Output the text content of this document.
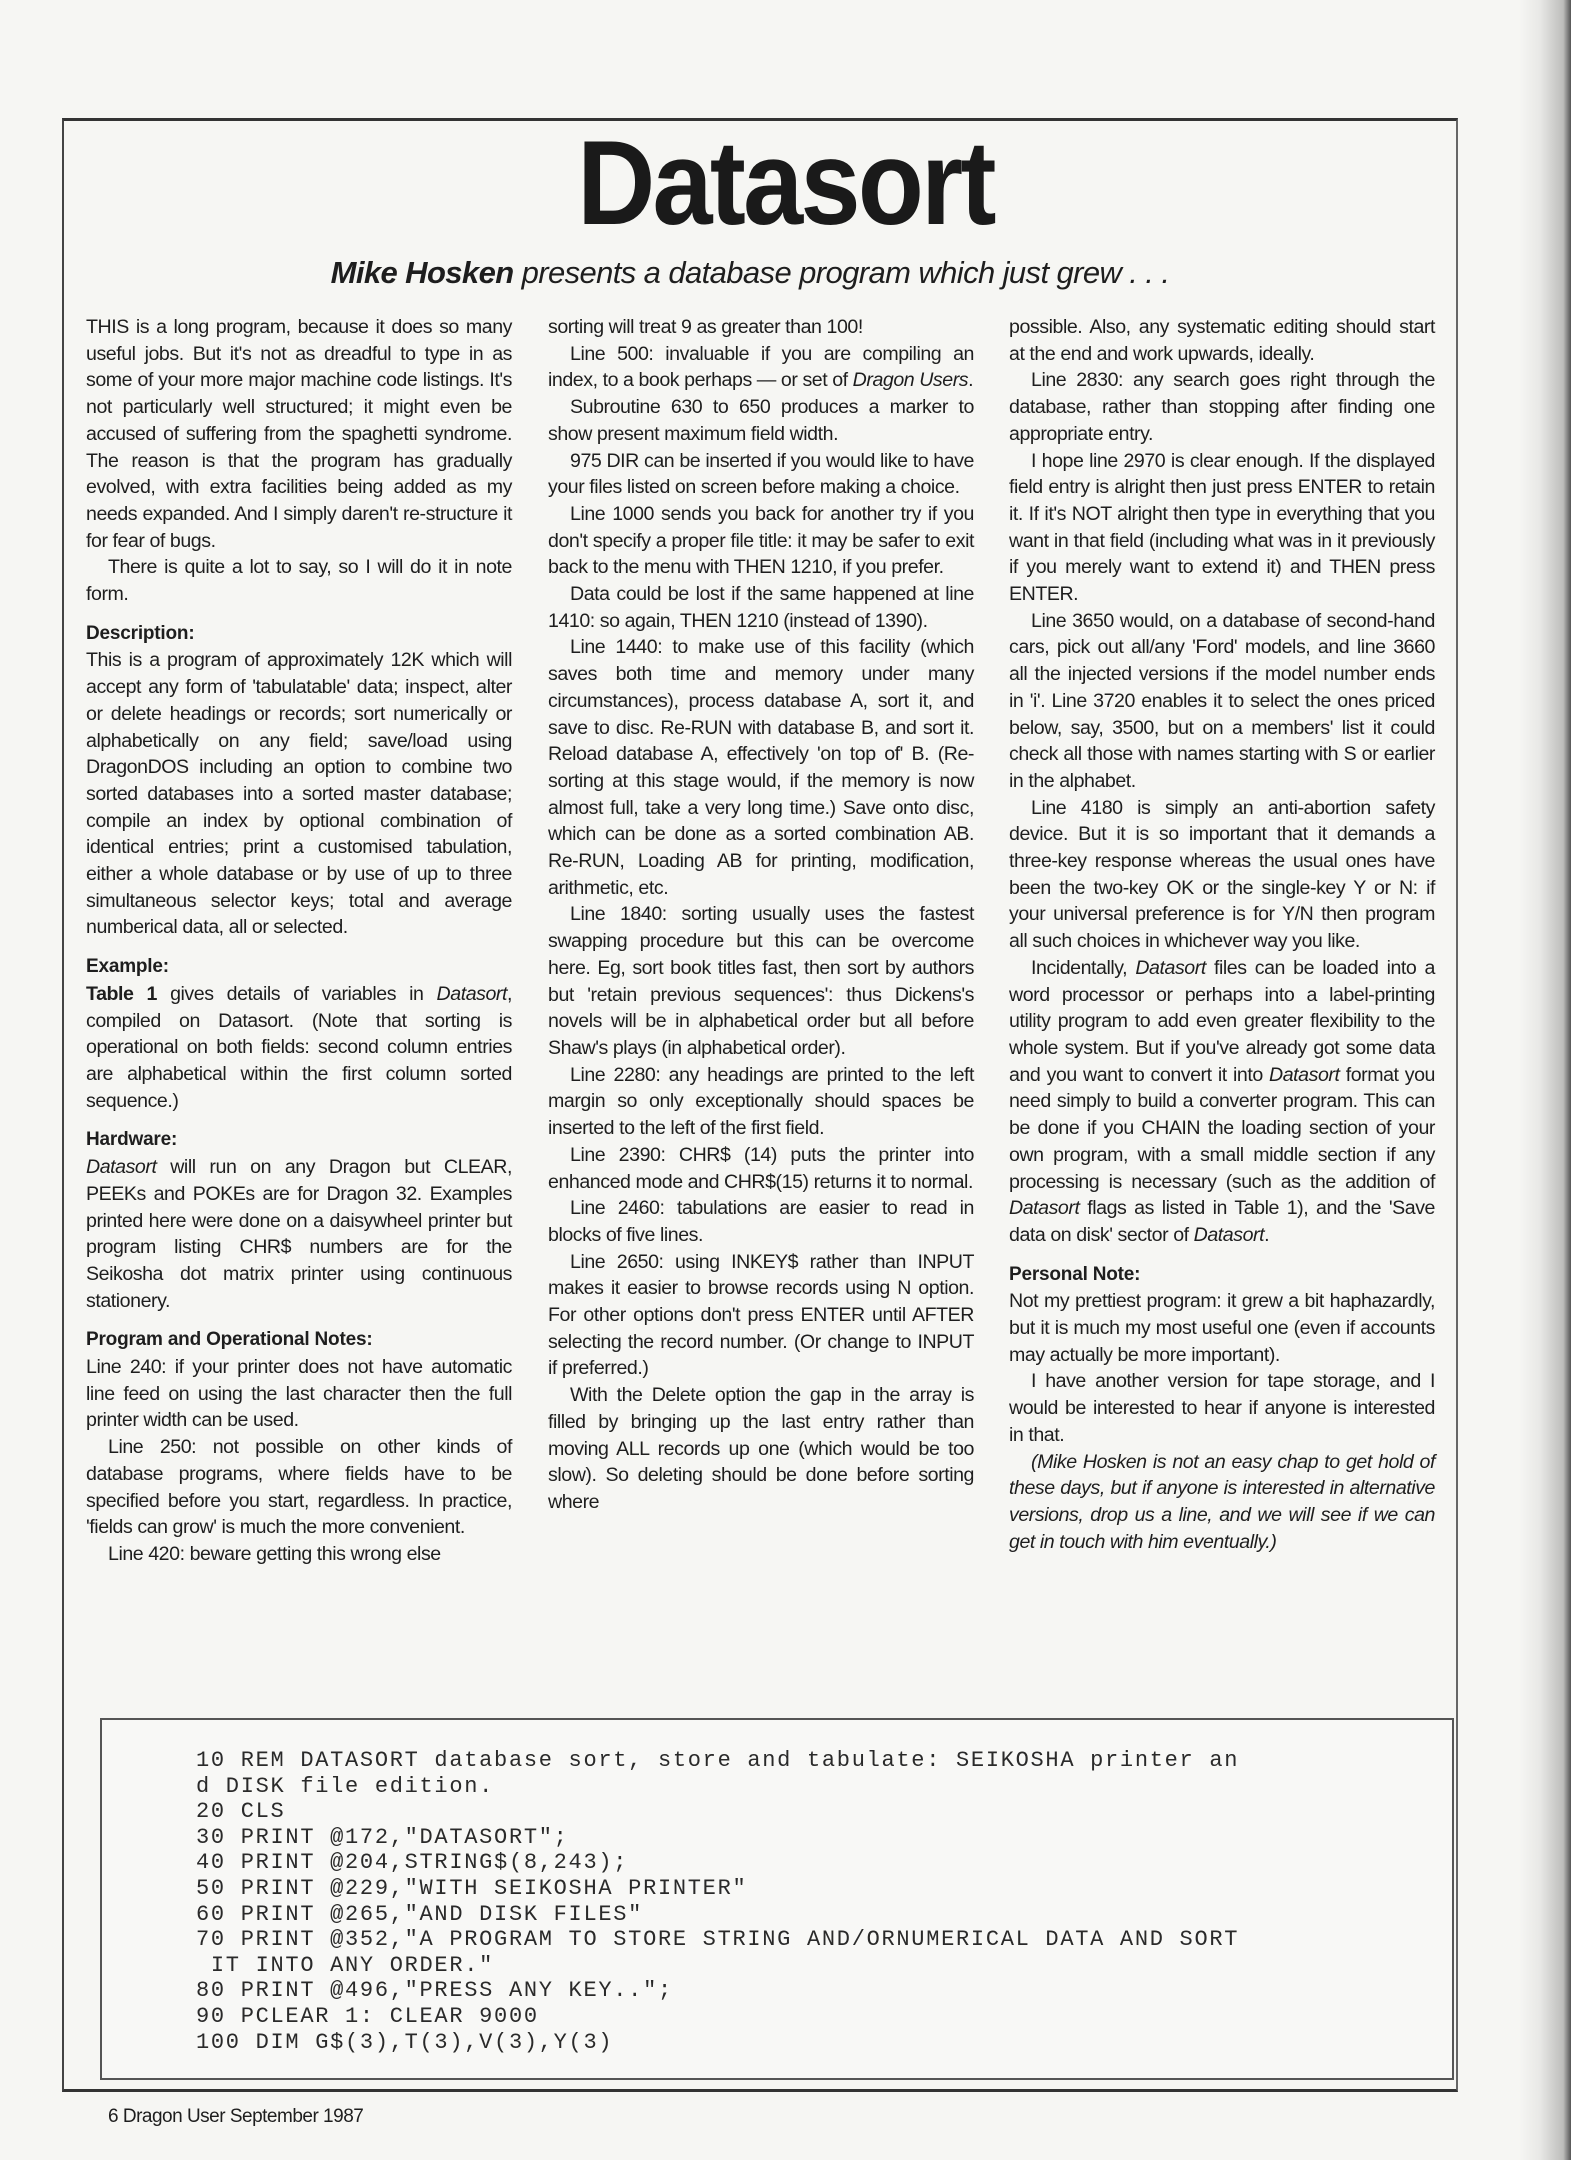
Datasort
Mike Hosken presents a database program which just grew . . .

THIS is a long program, because it does so many useful jobs. But it's not as dreadful to type in as some of your more major machine code listings. It's not particularly well structured; it might even be accused of suffering from the spaghetti syndrome. The reason is that the program has gradually evolved, with extra facilities being added as my needs expanded. And I simply daren't re-structure it for fear of bugs.

There is quite a lot to say, so I will do it in note form.

Description:

This is a program of approximately 12K which will accept any form of 'tabulatable' data; inspect, alter or delete headings or records; sort numerically or alphabetically on any field; save/load using DragonDOS including an option to combine two sorted databases into a sorted master database; compile an index by optional combination of identical entries; print a customised tabulation, either a whole database or by use of up to three simultaneous selector keys; total and average numberical data, all or selected.

Example:

Table 1 gives details of variables in Datasort, compiled on Datasort. (Note that sorting is operational on both fields: second column entries are alphabetical within the first column sorted sequence.)

Hardware:

Datasort will run on any Dragon but CLEAR, PEEKs and POKEs are for Dragon 32. Examples printed here were done on a daisywheel printer but program listing CHR$ numbers are for the Seikosha dot matrix printer using continuous stationery.

Program and Operational Notes:

Line 240: if your printer does not have automatic line feed on using the last character then the full printer width can be used.

Line 250: not possible on other kinds of database programs, where fields have to be specified before you start, regardless. In practice, 'fields can grow' is much the more convenient.

Line 420: beware getting this wrong else

sorting will treat 9 as greater than 100!

Line 500: invaluable if you are compiling an index, to a book perhaps — or set of Dragon Users.

Subroutine 630 to 650 produces a marker to show present maximum field width.

975 DIR can be inserted if you would like to have your files listed on screen before making a choice.

Line 1000 sends you back for another try if you don't specify a proper file title: it may be safer to exit back to the menu with THEN 1210, if you prefer.

Data could be lost if the same happened at line 1410: so again, THEN 1210 (instead of 1390).

Line 1440: to make use of this facility (which saves both time and memory under many circumstances), process database A, sort it, and save to disc. Re-RUN with database B, and sort it. Reload database A, effectively 'on top of' B. (Re-sorting at this stage would, if the memory is now almost full, take a very long time.) Save onto disc, which can be done as a sorted combination AB. Re-RUN, Loading AB for printing, modification, arithmetic, etc.

Line 1840: sorting usually uses the fastest swapping procedure but this can be overcome here. Eg, sort book titles fast, then sort by authors but 'retain previous sequences': thus Dickens's novels will be in alphabetical order but all before Shaw's plays (in alphabetical order).

Line 2280: any headings are printed to the left margin so only exceptionally should spaces be inserted to the left of the first field.

Line 2390: CHR$ (14) puts the printer into enhanced mode and CHR$(15) returns it to normal.

Line 2460: tabulations are easier to read in blocks of five lines.

Line 2650: using INKEY$ rather than INPUT makes it easier to browse records using N option. For other options don't press ENTER until AFTER selecting the record number. (Or change to INPUT if preferred.)

With the Delete option the gap in the array is filled by bringing up the last entry rather than moving ALL records up one (which would be too slow). So deleting should be done before sorting where

possible. Also, any systematic editing should start at the end and work upwards, ideally.

Line 2830: any search goes right through the database, rather than stopping after finding one appropriate entry.

I hope line 2970 is clear enough. If the displayed field entry is alright then just press ENTER to retain it. If it's NOT alright then type in everything that you want in that field (including what was in it previously if you merely want to extend it) and THEN press ENTER.

Line 3650 would, on a database of second-hand cars, pick out all/any 'Ford' models, and line 3660 all the injected versions if the model number ends in 'i'. Line 3720 enables it to select the ones priced below, say, 3500, but on a members' list it could check all those with names starting with S or earlier in the alphabet.

Line 4180 is simply an anti-abortion safety device. But it is so important that it demands a three-key response whereas the usual ones have been the two-key OK or the single-key Y or N: if your universal preference is for Y/N then program all such choices in whichever way you like.

Incidentally, Datasort files can be loaded into a word processor or perhaps into a label-printing utility program to add even greater flexibility to the whole system. But if you've already got some data and you want to convert it into Datasort format you need simply to build a converter program. This can be done if you CHAIN the loading section of your own program, with a small middle section if any processing is necessary (such as the addition of Datasort flags as listed in Table 1), and the 'Save data on disk' sector of Datasort.

Personal Note:

Not my prettiest program: it grew a bit haphazardly, but it is much my most useful one (even if accounts may actually be more important).

I have another version for tape storage, and I would be interested to hear if anyone is interested in that.

(Mike Hosken is not an easy chap to get hold of these days, but if anyone is interested in alternative versions, drop us a line, and we will see if we can get in touch with him eventually.)

10 REM DATASORT database sort, store and tabulate: SEIKOSHA printer an
d DISK file edition.
20 CLS
30 PRINT @172,"DATASORT";
40 PRINT @204,STRING$(8,243);
50 PRINT @229,"WITH SEIKOSHA PRINTER"
60 PRINT @265,"AND DISK FILES"
70 PRINT @352,"A PROGRAM TO STORE STRING AND/ORNUMERICAL DATA AND SORT
IT INTO ANY ORDER."
80 PRINT @496,"PRESS ANY KEY..";
90 PCLEAR 1: CLEAR 9000
100 DIM G$(3),T(3),V(3),Y(3)
6 Dragon User September 1987
